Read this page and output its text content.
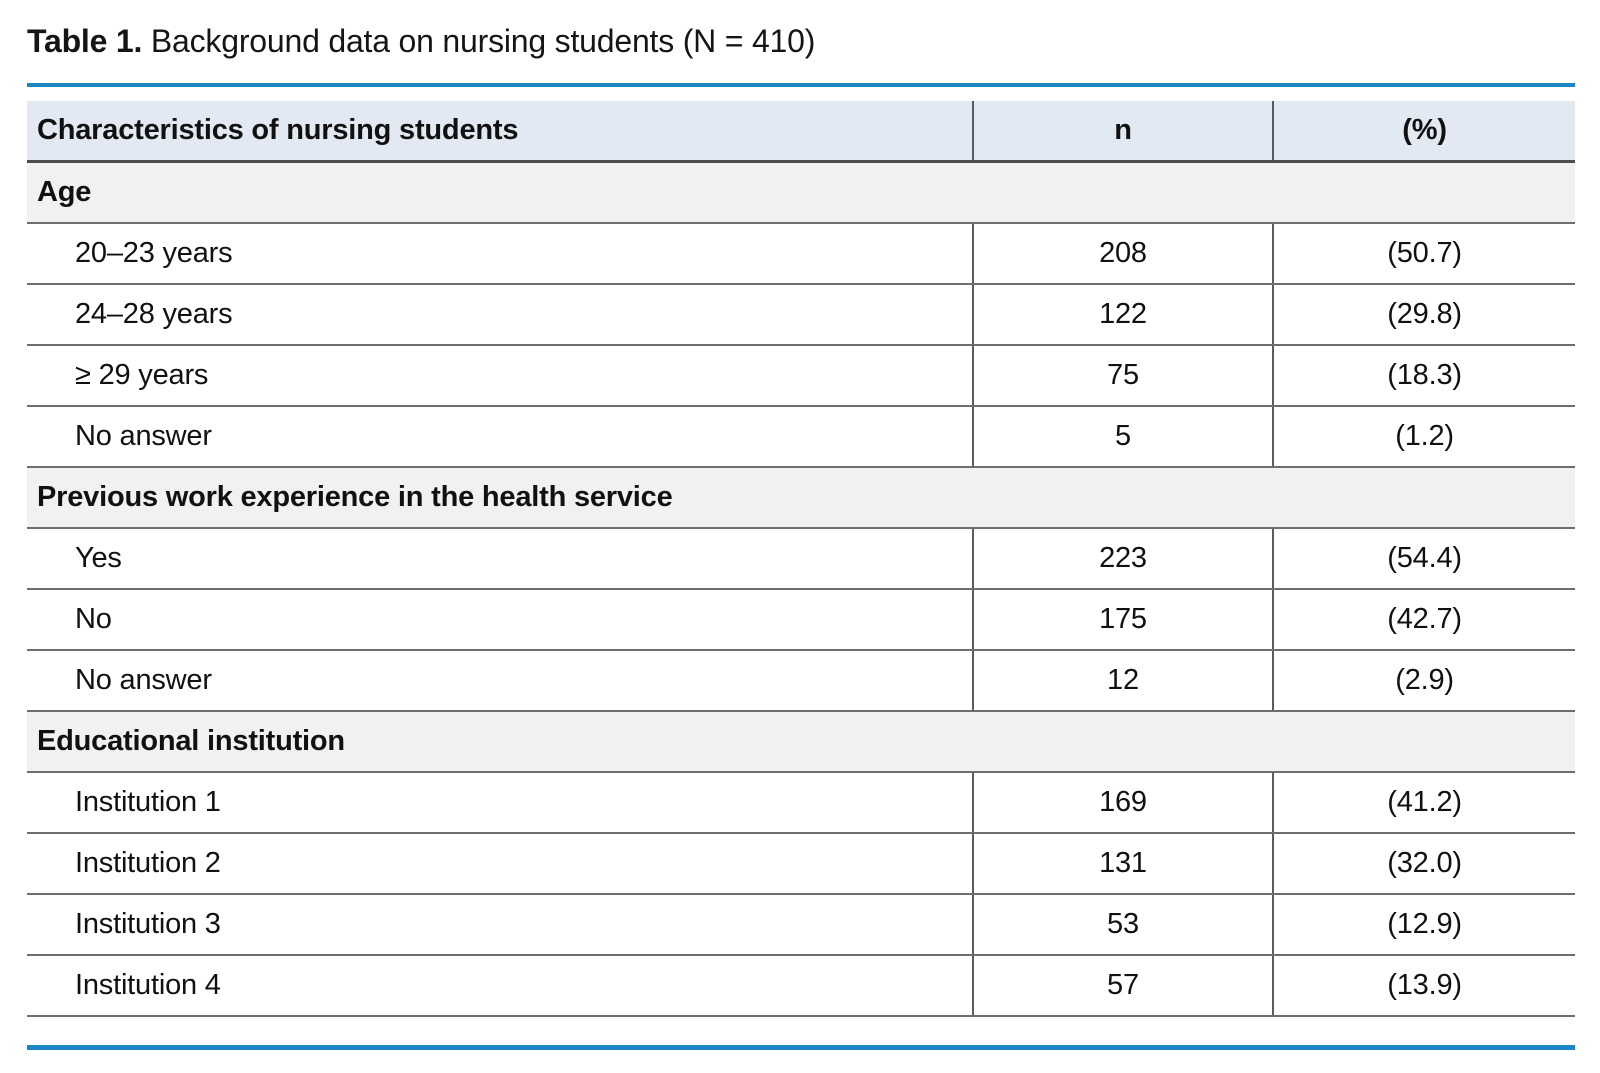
Table 1. Background data on nursing students (N = 410)

Characteristics of nursing students	n	(%)
Age		
20–23 years	208	(50.7)
24–28 years	122	(29.8)
≥ 29 years	75	(18.3)
No answer	5	(1.2)
Previous work experience in the health service		
Yes	223	(54.4)
No	175	(42.7)
No answer	12	(2.9)
Educational institution		
Institution 1	169	(41.2)
Institution 2	131	(32.0)
Institution 3	53	(12.9)
Institution 4	57	(13.9)
